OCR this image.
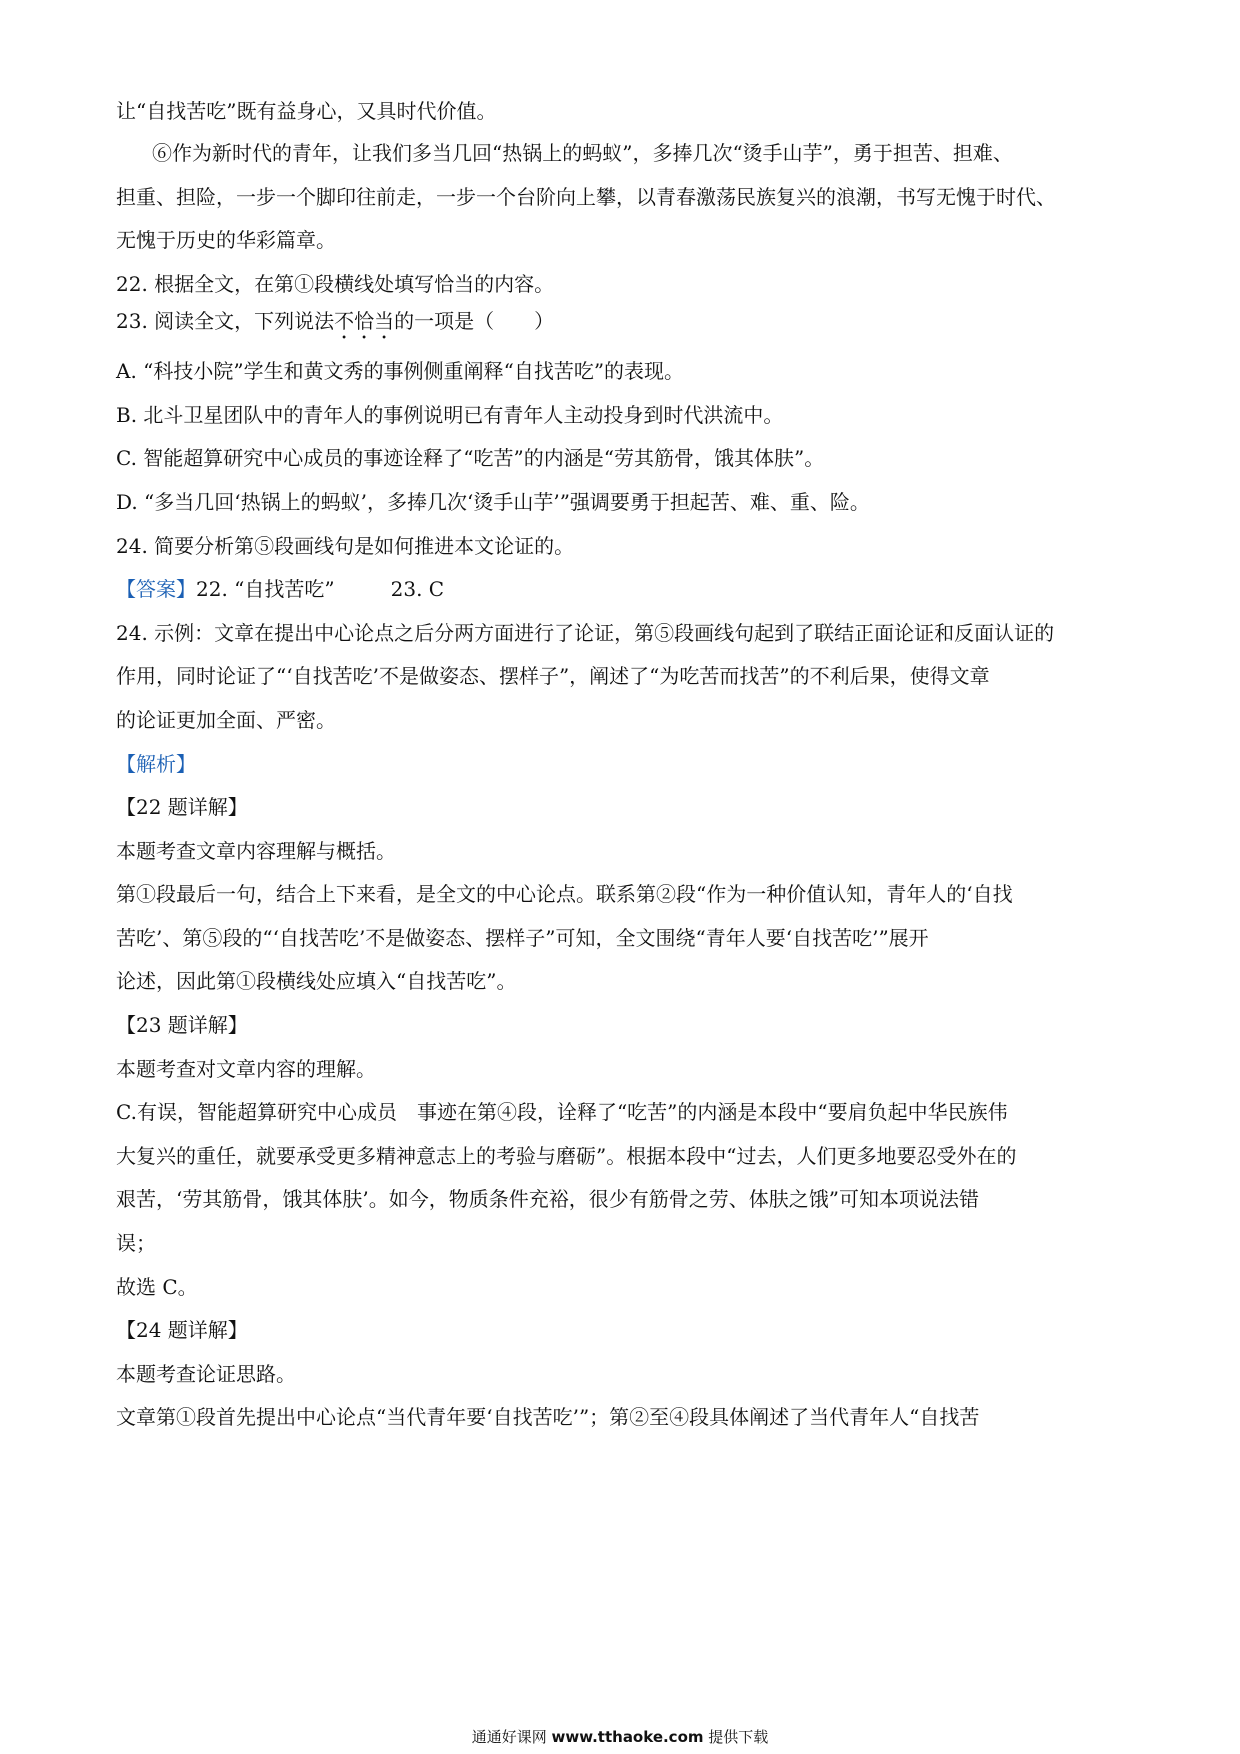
让“自找苦吃”既有益身心，又具时代价值。
⑥作为新时代的青年，让我们多当几回“热锅上的蚂蚁”，多捧几次“烫手山芋”，勇于担苦、担难、
担重、担险，一步一个脚印往前走，一步一个台阶向上攀，以青春激荡民族复兴的浪潮，书写无愧于时代、
无愧于历史的华彩篇章。
22. 根据全文，在第①段横线处填写恰当的内容。
23. 阅读全文，下列说法不恰当的一项是（　　）
A. “科技小院”学生和黄文秀的事例侧重阐释“自找苦吃”的表现。
B. 北斗卫星团队中的青年人的事例说明已有青年人主动投身到时代洪流中。
C. 智能超算研究中心成员的事迹诠释了“吃苦”的内涵是“劳其筋骨，饿其体肤”。
D. “多当几回‘热锅上的蚂蚁’，多捧几次‘烫手山芋’”强调要勇于担起苦、难、重、险。
24. 简要分析第⑤段画线句是如何推进本文论证的。
【答案】22. “自找苦吃”	23. C
24. 示例：文章在提出中心论点之后分两方面进行了论证，第⑤段画线句起到了联结正面论证和反面认证的
作用，同时论证了“‘自找苦吃’不是做姿态、摆样子”，阐述了“为吃苦而找苦”的不利后果，使得文章
的论证更加全面、严密。
【解析】
【22 题详解】
本题考查文章内容理解与概括。
第①段最后一句，结合上下来看，是全文的中心论点。联系第②段“作为一种价值认知，青年人的‘自找
苦吃’、第⑤段的“‘自找苦吃’不是做姿态、摆样子”可知，全文围绕“青年人要‘自找苦吃’”展开
论述，因此第①段横线处应填入“自找苦吃”。
【23 题详解】
本题考查对文章内容的理解。
C.有误，智能超算研究中心成员　事迹在第④段，诠释了“吃苦”的内涵是本段中“要肩负起中华民族伟
大复兴的重任，就要承受更多精神意志上的考验与磨砺”。根据本段中“过去，人们更多地要忍受外在的
艰苦，‘劳其筋骨，饿其体肤’。如今，物质条件充裕，很少有筋骨之劳、体肤之饿”可知本项说法错
误；
故选 C。
【24 题详解】
本题考查论证思路。
文章第①段首先提出中心论点“当代青年要‘自找苦吃’”；第②至④段具体阐述了当代青年人“自找苦
通通好课网 www.tthaoke.com 提供下载
